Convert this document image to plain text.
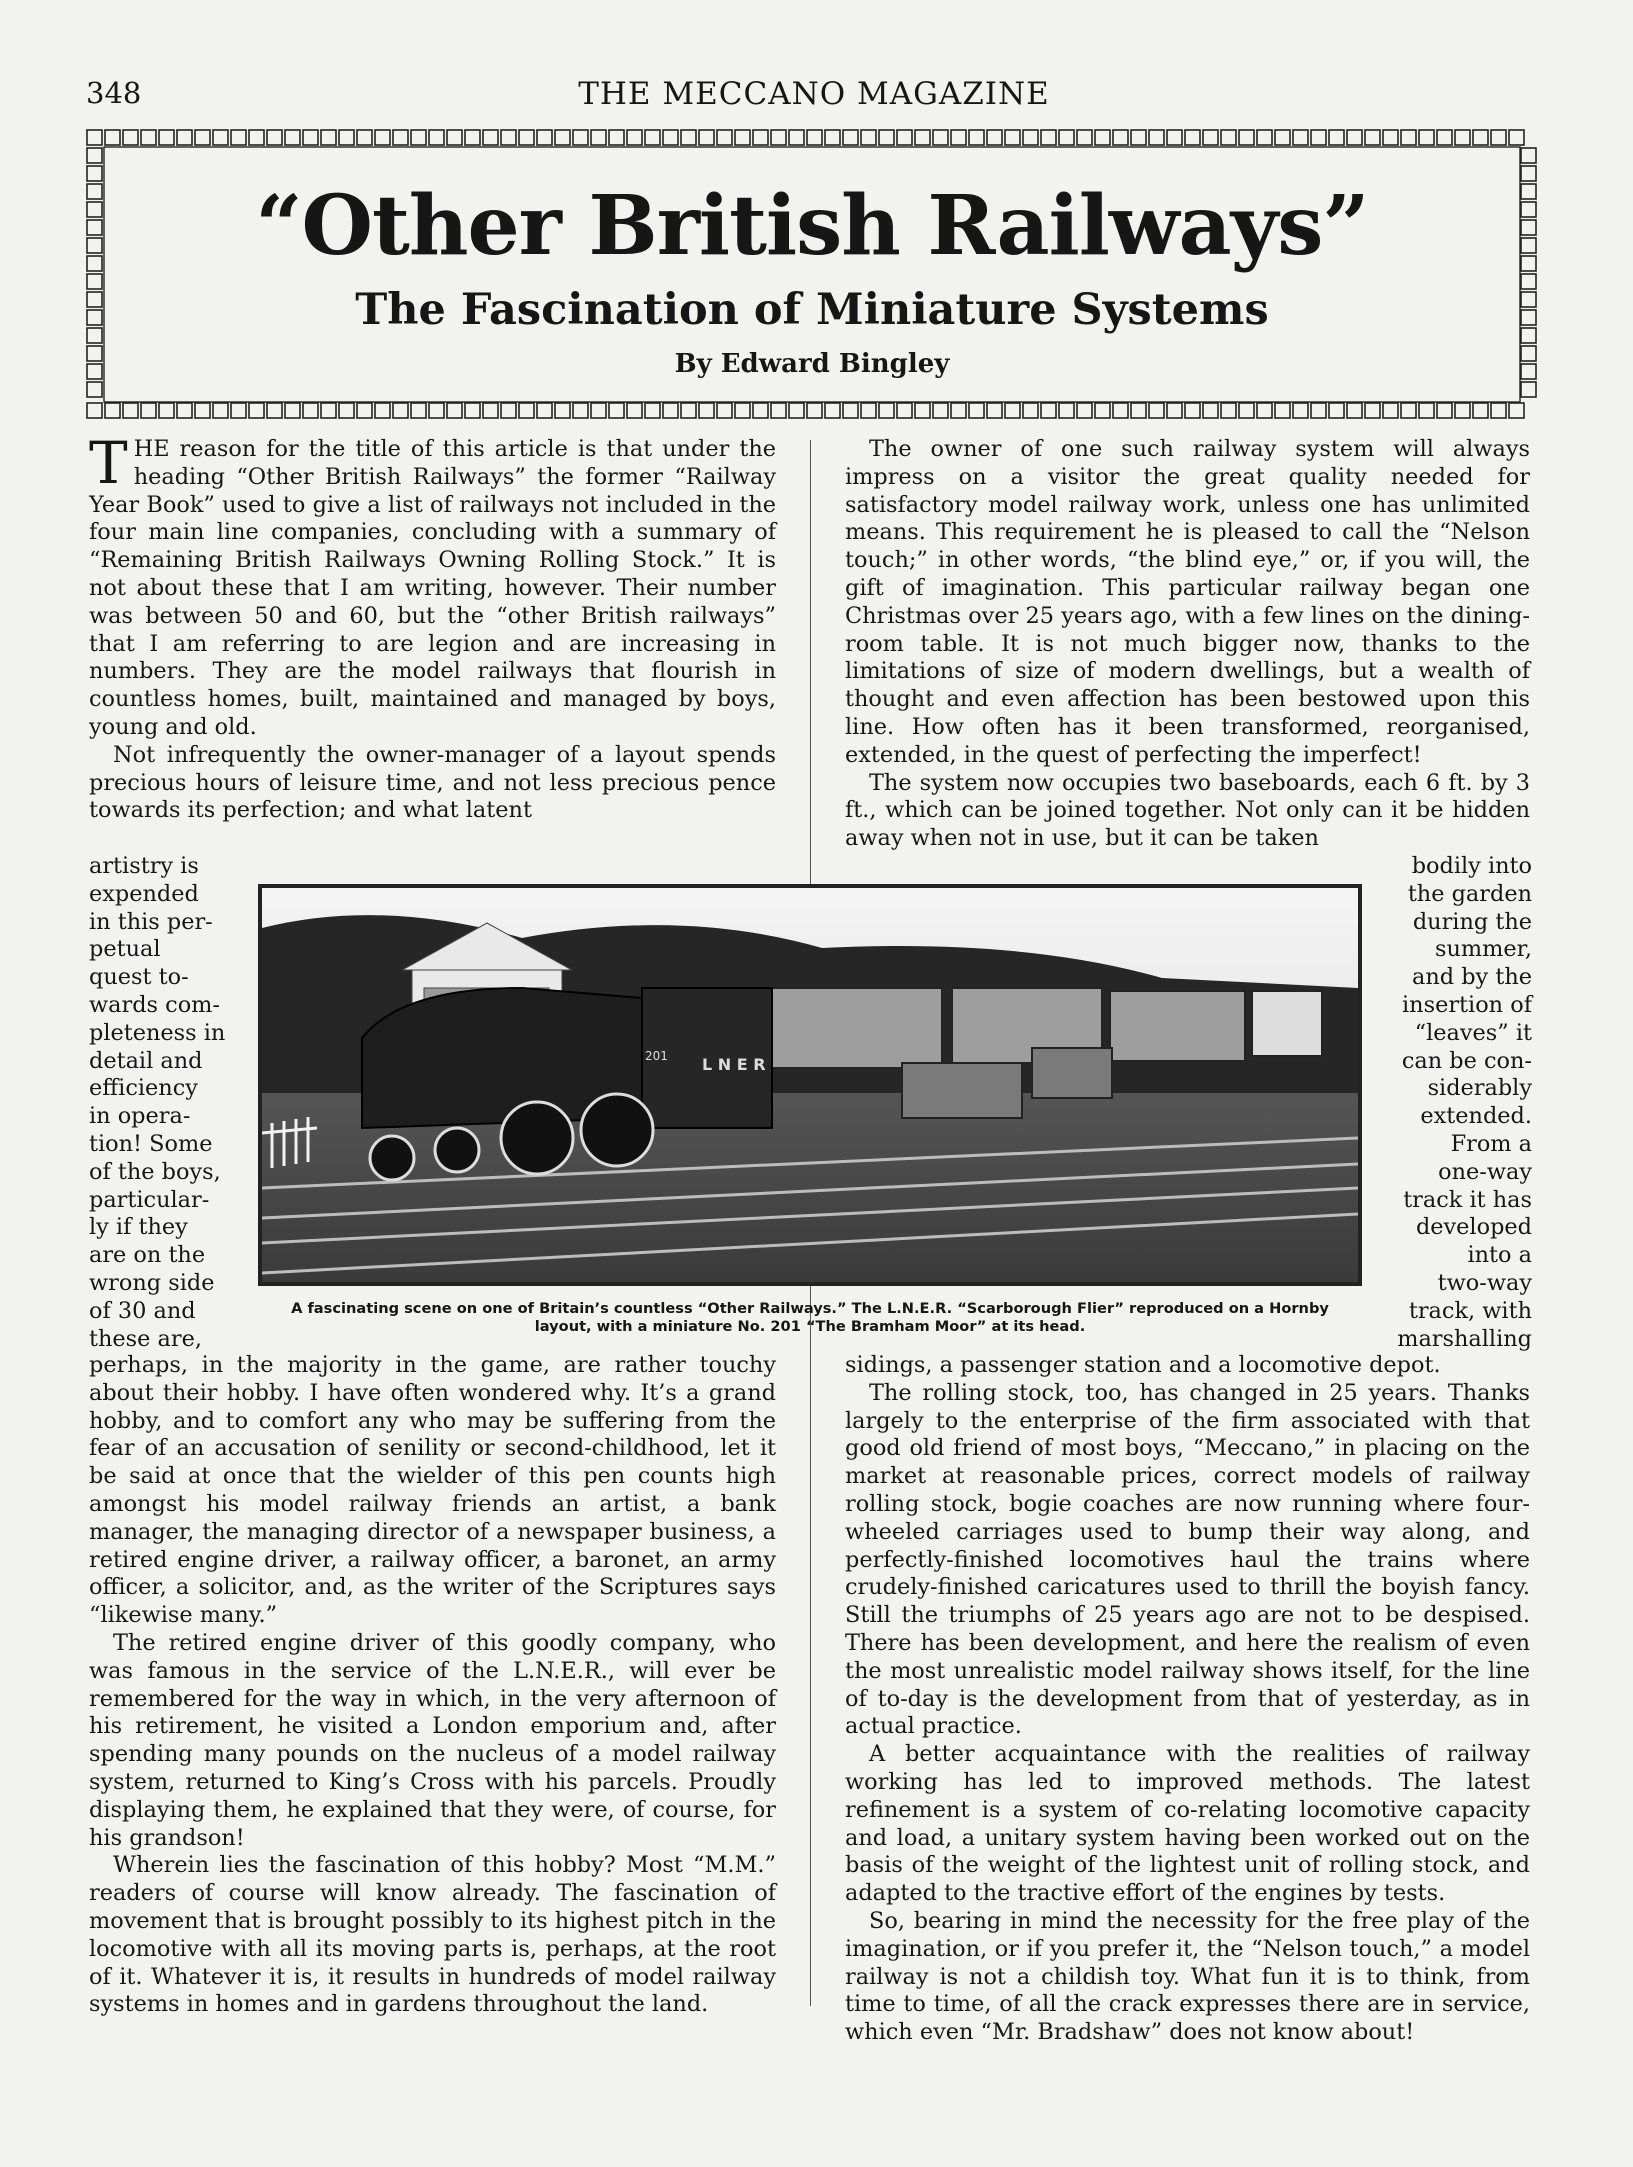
348	THE MECCANO MAGAZINE
“Other British Railways”
The Fascination of Miniature Systems
By Edward Bingley

THE reason for the title of this article is that under the heading “Other British Railways” the former “Railway Year Book” used to give a list of railways not included in the four main line companies, concluding with a summary of “Remaining British Railways Owning Rolling Stock.” It is not about these that I am writing, however. Their number was between 50 and 60, but the “other British railways” that I am referring to are legion and are increasing in numbers. They are the model railways that flourish in countless homes, built, maintained and managed by boys, young and old.

Not infrequently the owner-manager of a layout spends precious hours of leisure time, and not less precious pence towards its perfection; and what latent

The owner of one such railway system will always impress on a visitor the great quality needed for satisfactory model railway work, unless one has unlimited means. This requirement he is pleased to call the “Nelson touch;” in other words, “the blind eye,” or, if you will, the gift of imagination. This particular railway began one Christmas over 25 years ago, with a few lines on the dining-room table. It is not much bigger now, thanks to the limitations of size of modern dwellings, but a wealth of thought and even affection has been bestowed upon this line. How often has it been transformed, reorganised, extended, in the quest of perfecting the imperfect!

The system now occupies two baseboards, each 6 ft. by 3 ft., which can be joined together. Not only can it be hidden away when not in use, but it can be taken

artistry is
expended
in this per-
petual
quest to-
wards com-
pleteness in
detail and
efficiency
in opera-
tion! Some
of the boys,
particular-
ly if they
are on the
wrong side
of 30 and
these are,
bodily into
the garden
during the
summer,
and by the
insertion of
“leaves” it
can be con-
siderably
extended.
From a
one-way
track it has
developed
into a
two-way
track, with
marshalling
L N E R
201
A fascinating scene on one of Britain’s countless “Other Railways.” The L.N.E.R. “Scarborough Flier” reproduced on a Hornby
layout, with a miniature No. 201 “The Bramham Moor” at its head.

perhaps, in the majority in the game, are rather touchy about their hobby. I have often wondered why. It’s a grand hobby, and to comfort any who may be suffering from the fear of an accusation of senility or second-childhood, let it be said at once that the wielder of this pen counts high amongst his model railway friends an artist, a bank manager, the managing director of a newspaper business, a retired engine driver, a railway officer, a baronet, an army officer, a solicitor, and, as the writer of the Scriptures says “likewise many.”

The retired engine driver of this goodly company, who was famous in the service of the L.N.E.R., will ever be remembered for the way in which, in the very afternoon of his retirement, he visited a London emporium and, after spending many pounds on the nucleus of a model railway system, returned to King’s Cross with his parcels. Proudly displaying them, he explained that they were, of course, for his grandson!

Wherein lies the fascination of this hobby? Most “M.M.” readers of course will know already. The fascination of movement that is brought possibly to its highest pitch in the locomotive with all its moving parts is, perhaps, at the root of it. Whatever it is, it results in hundreds of model railway systems in homes and in gardens throughout the land.

sidings, a passenger station and a locomotive depot.

The rolling stock, too, has changed in 25 years. Thanks largely to the enterprise of the firm associated with that good old friend of most boys, “Meccano,” in placing on the market at reasonable prices, correct models of railway rolling stock, bogie coaches are now running where four-wheeled carriages used to bump their way along, and perfectly-finished locomotives haul the trains where crudely-finished caricatures used to thrill the boyish fancy. Still the triumphs of 25 years ago are not to be despised. There has been development, and here the realism of even the most unrealistic model railway shows itself, for the line of to-day is the development from that of yesterday, as in actual practice.

A better acquaintance with the realities of railway working has led to improved methods. The latest refinement is a system of co-relating locomotive capacity and load, a unitary system having been worked out on the basis of the weight of the lightest unit of rolling stock, and adapted to the tractive effort of the engines by tests.

So, bearing in mind the necessity for the free play of the imagination, or if you prefer it, the “Nelson touch,” a model railway is not a childish toy. What fun it is to think, from time to time, of all the crack expresses there are in service, which even “Mr. Bradshaw” does not know about!
